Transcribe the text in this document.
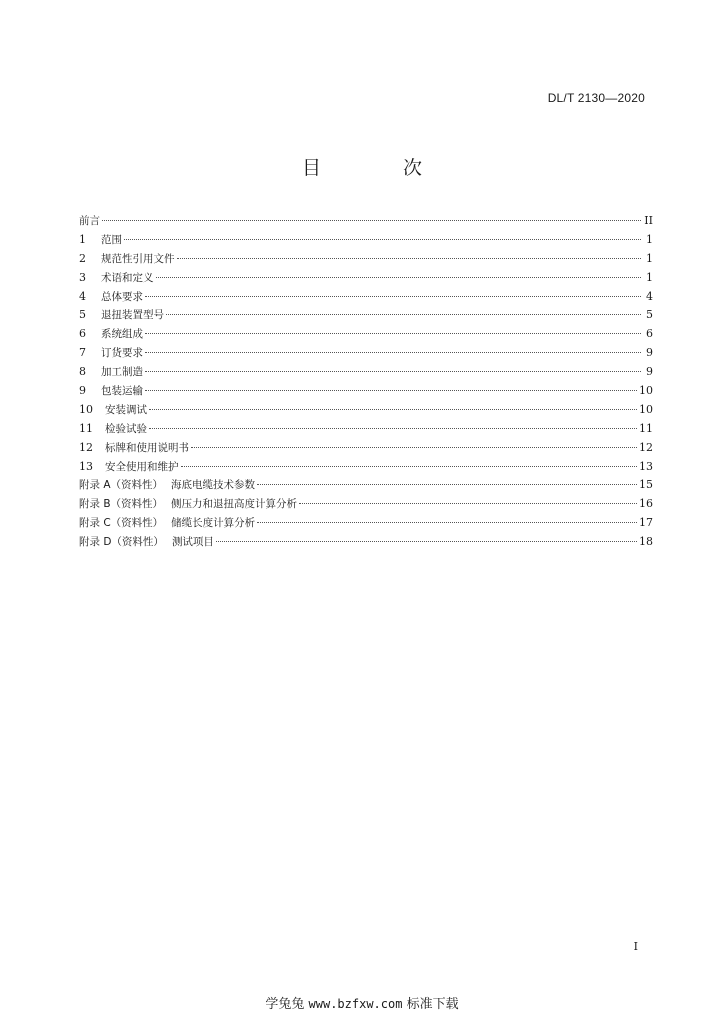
DL/T 2130—2020
目 次
前言	II
1	范围	1
2	规范性引用文件	1
3	术语和定义	1
4	总体要求	4
5	退扭装置型号	5
6	系统组成	6
7	订货要求	9
8	加工制造	9
9	包装运输	10
10	安装调试	10
11	检验试验	11
12	标牌和使用说明书	12
13	安全使用和维护	13
附录 A（资料性） 海底电缆技术参数	15
附录 B（资料性） 侧压力和退扭高度计算分析	16
附录 C（资料性） 储缆长度计算分析	17
附录 D（资料性） 测试项目	18
I
学兔兔 www.bzfxw.com 标准下载
